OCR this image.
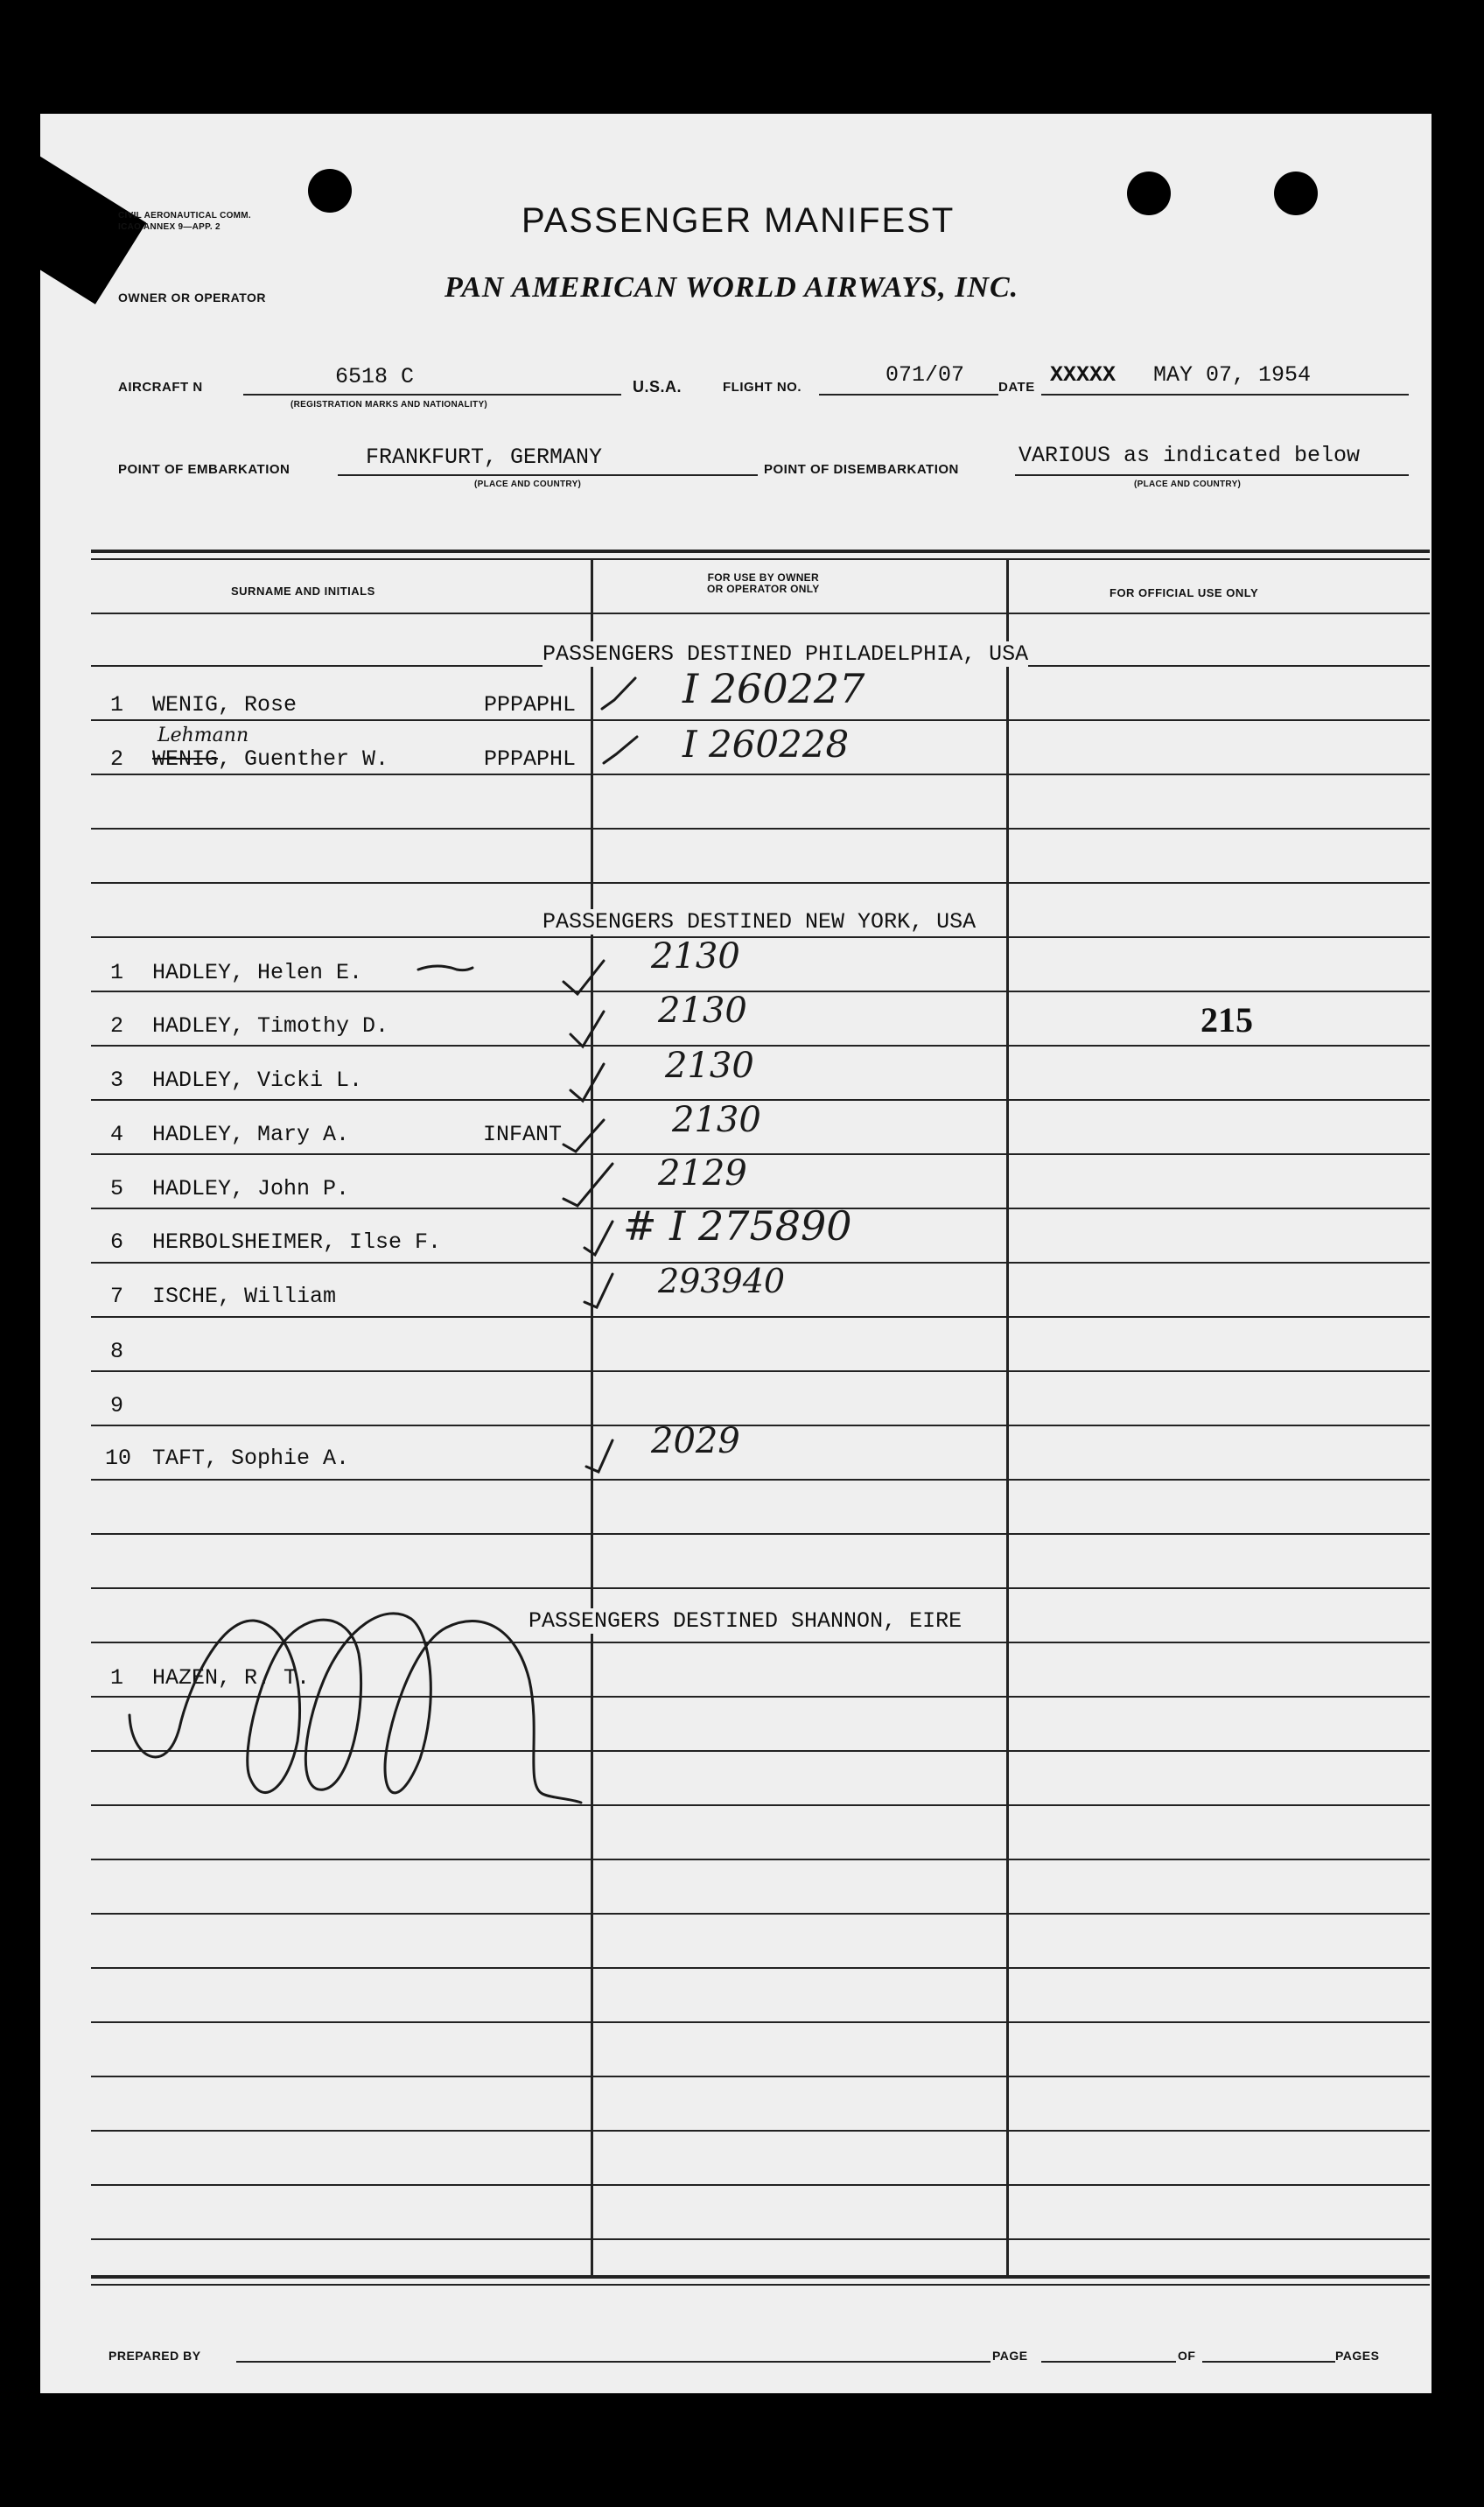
CIVIL AERONAUTICAL COMM.
ICAO ANNEX 9—APP. 2	PASSENGER MANIFEST
OWNER OR OPERATOR	PAN AMERICAN WORLD AIRWAYS, INC.
AIRCRAFT N	6518 C
(REGISTRATION MARKS AND NATIONALITY)
U.S.A.	FLIGHT NO.	071/07	DATE XXXXX MAY 07, 1954
POINT OF EMBARKATION	FRANKFURT, GERMANY
(PLACE AND COUNTRY)
POINT OF DISEMBARKATION
VARIOUS as indicated below
(PLACE AND COUNTRY)
SURNAME AND INITIALS
FOR USE BY OWNER
OR OPERATOR ONLY	FOR OFFICIAL USE ONLY
PASSENGERS DESTINED PHILADELPHIA, USA
PASSENGERS DESTINED NEW YORK, USA
PASSENGERS DESTINED SHANNON, EIRE
1 WENIG, Rose	PPPAPHL	I 260227
Lehmann
2 WENIG, Guenther W.	PPPAPHL	I 260228
1 HADLEY, Helen E.	2130
2 HADLEY, Timothy D.	2130	215
3 HADLEY, Vicki L.	2130
4 HADLEY, Mary A.	INFANT	2130
5 HADLEY, John P.	2129
6 HERBOLSHEIMER, Ilse F.	# I 275890
7 ISCHE, William	293940
8
9
10 TAFT, Sophie A.	2029
1 HAZEN, R. T.
PREPARED BY	PAGE	OF	PAGES
